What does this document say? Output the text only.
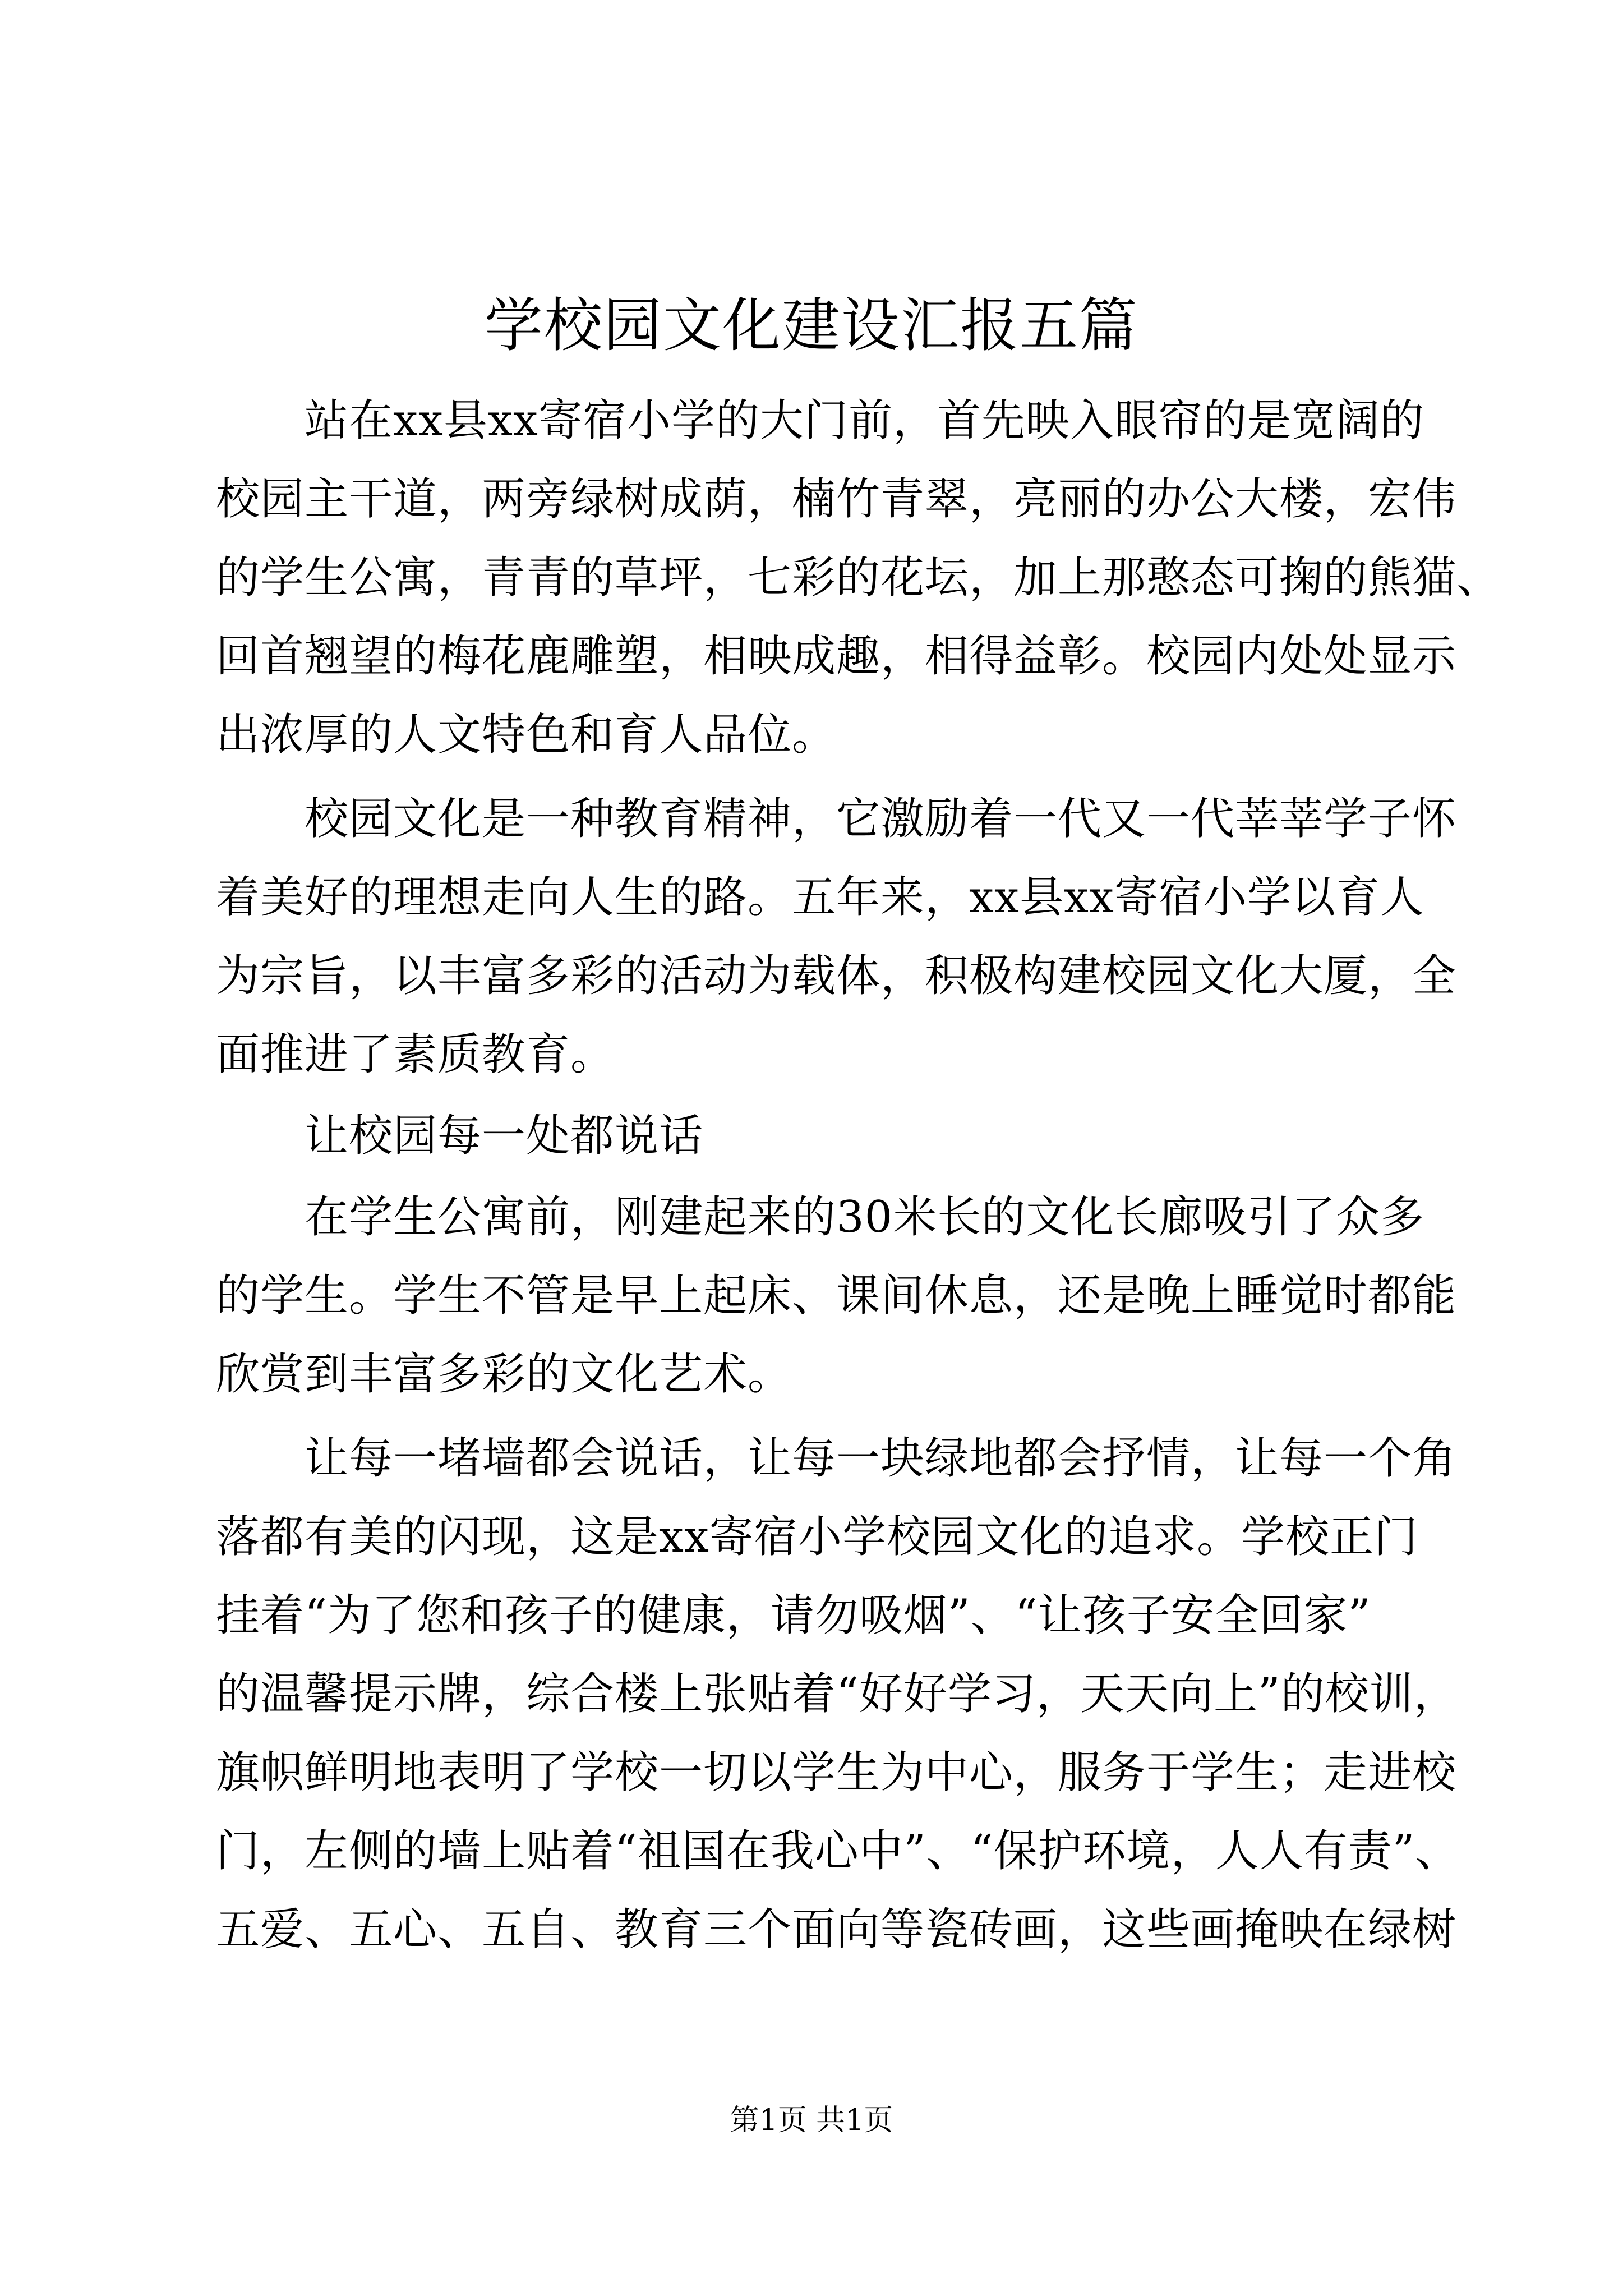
学校园文化建设汇报五篇
站在xx县xx寄宿小学的大门前，首先映入眼帘的是宽阔的
校园主干道，两旁绿树成荫，楠竹青翠，亮丽的办公大楼，宏伟
的学生公寓，青青的草坪，七彩的花坛，加上那憨态可掬的熊猫、
回首翘望的梅花鹿雕塑，相映成趣，相得益彰。校园内处处显示
出浓厚的人文特色和育人品位。
校园文化是一种教育精神，它激励着一代又一代莘莘学子怀
着美好的理想走向人生的路。五年来，xx县xx寄宿小学以育人
为宗旨，以丰富多彩的活动为载体，积极构建校园文化大厦，全
面推进了素质教育。
让校园每一处都说话
在学生公寓前，刚建起来的30米长的文化长廊吸引了众多
的学生。学生不管是早上起床、课间休息，还是晚上睡觉时都能
欣赏到丰富多彩的文化艺术。
让每一堵墙都会说话，让每一块绿地都会抒情，让每一个角
落都有美的闪现，这是xx寄宿小学校园文化的追求。学校正门
挂着“为了您和孩子的健康，请勿吸烟”、“让孩子安全回家”
的温馨提示牌，综合楼上张贴着“好好学习，天天向上”的校训，
旗帜鲜明地表明了学校一切以学生为中心，服务于学生；走进校
门，左侧的墙上贴着“祖国在我心中”、“保护环境，人人有责”、
五爱、五心、五自、教育三个面向等瓷砖画，这些画掩映在绿树
第1页 共1页
